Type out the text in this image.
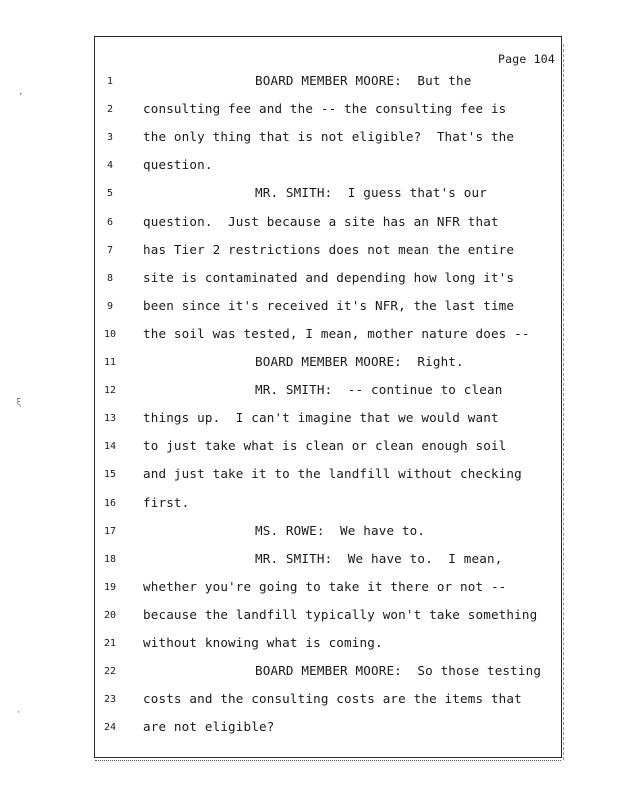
Page 104
1	BOARD MEMBER MOORE:  But the
2	consulting fee and the -- the consulting fee is
3	the only thing that is not eligible?  That's the
4	question.
5	MR. SMITH:  I guess that's our
6	question.  Just because a site has an NFR that
7	has Tier 2 restrictions does not mean the entire
8	site is contaminated and depending how long it's
9	been since it's received it's NFR, the last time
10	the soil was tested, I mean, mother nature does --
11	BOARD MEMBER MOORE:  Right.
12	MR. SMITH:  -- continue to clean
13	things up.  I can't imagine that we would want
14	to just take what is clean or clean enough soil
15	and just take it to the landfill without checking
16	first.
17	MS. ROWE:  We have to.
18	MR. SMITH:  We have to.  I mean,
19	whether you're going to take it there or not --
20	because the landfill typically won't take something
21	without knowing what is coming.
22	BOARD MEMBER MOORE:  So those testing
23	costs and the consulting costs are the items that
24	are not eligible?
ʻ
ξ
·
